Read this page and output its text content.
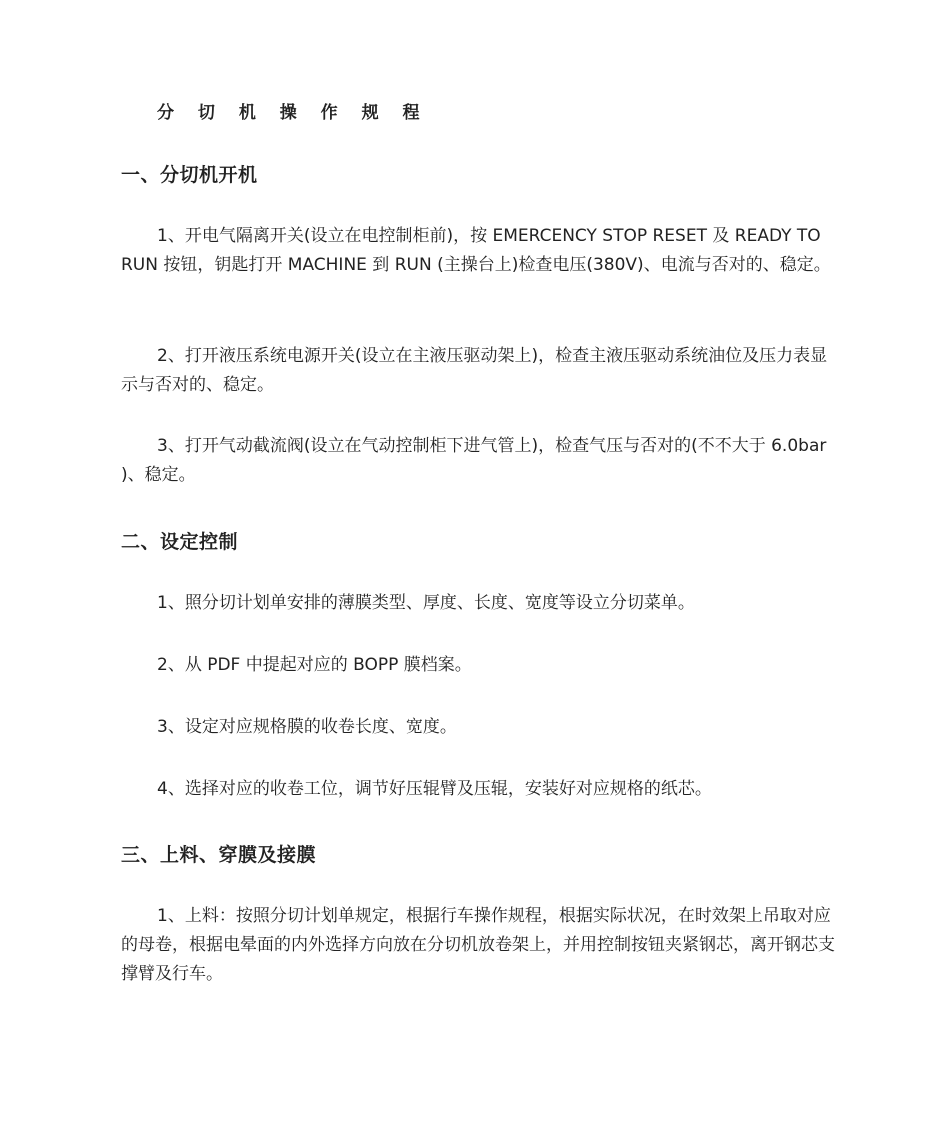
分 切 机 操 作 规 程
一、分切机开机

1、开电气隔离开关(设立在电控制柜前)，按 EMERCENCY STOP RESET 及 READY TO RUN 按钮，钥匙打开 MACHINE 到 RUN (主操台上)检查电压(380V)、电流与否对的、稳定。

2、打开液压系统电源开关(设立在主液压驱动架上)，检查主液压驱动系统油位及压力表显示与否对的、稳定。

3、打开气动截流阀(设立在气动控制柜下进气管上)，检查气压与否对的(不不大于 6.0bar )、稳定。

二、设定控制

1、照分切计划单安排的薄膜类型、厚度、长度、宽度等设立分切菜单。

2、从 PDF 中提起对应的 BOPP 膜档案。

3、设定对应规格膜的收卷长度、宽度。

4、选择对应的收卷工位，调节好压辊臂及压辊，安装好对应规格的纸芯。

三、上料、穿膜及接膜

1、上料：按照分切计划单规定，根据行车操作规程，根据实际状况，在时效架上吊取对应的母卷，根据电晕面的内外选择方向放在分切机放卷架上，并用控制按钮夹紧钢芯，离开钢芯支撑臂及行车。
